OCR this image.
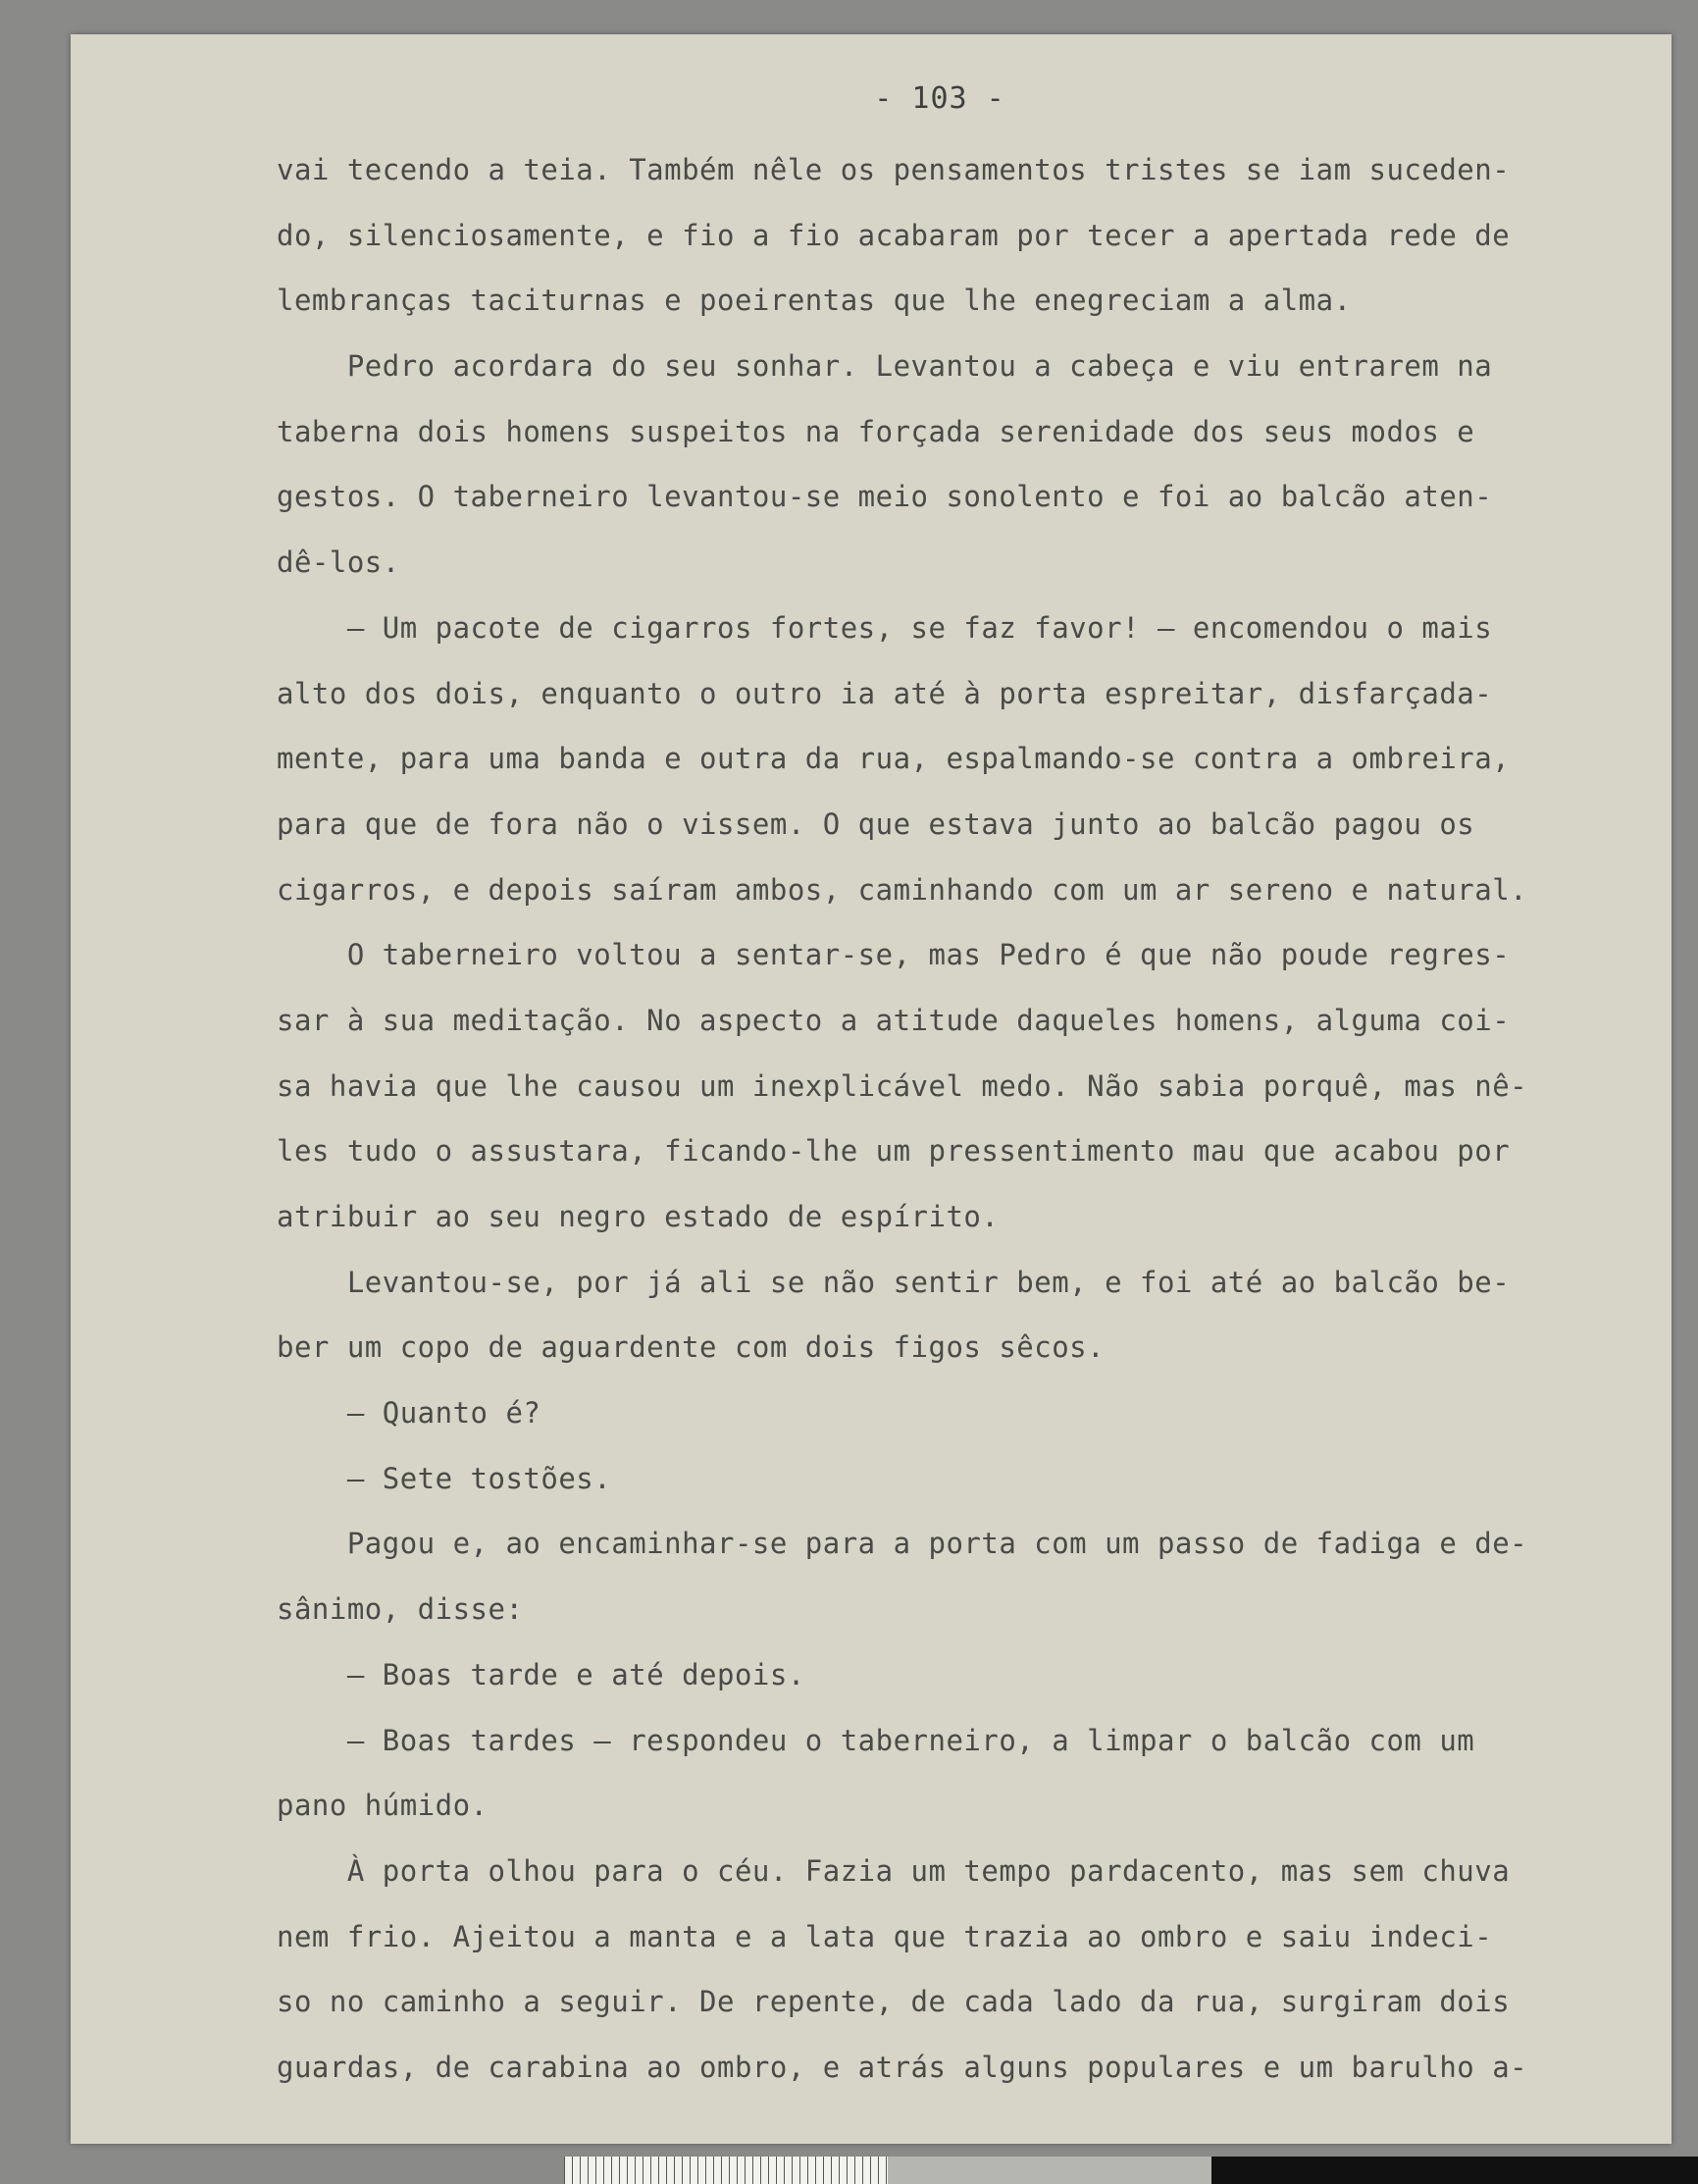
- 103 -
vai tecendo a teia. Também nêle os pensamentos tristes se iam suceden-
do, silenciosamente, e fio a fio acabaram por tecer a apertada rede de
lembranças taciturnas e poeirentas que lhe enegreciam a alma.
Pedro acordara do seu sonhar. Levantou a cabeça e viu entrarem na
taberna dois homens suspeitos na forçada serenidade dos seus modos e
gestos. O taberneiro levantou-se meio sonolento e foi ao balcão aten-
dê-los.
— Um pacote de cigarros fortes, se faz favor! — encomendou o mais
alto dos dois, enquanto o outro ia até à porta espreitar, disfarçada-
mente, para uma banda e outra da rua, espalmando-se contra a ombreira,
para que de fora não o vissem. O que estava junto ao balcão pagou os
cigarros, e depois saíram ambos, caminhando com um ar sereno e natural.
O taberneiro voltou a sentar-se, mas Pedro é que não poude regres-
sar à sua meditação. No aspecto a atitude daqueles homens, alguma coi-
sa havia que lhe causou um inexplicável medo. Não sabia porquê, mas nê-
les tudo o assustara, ficando-lhe um pressentimento mau que acabou por
atribuir ao seu negro estado de espírito.
Levantou-se, por já ali se não sentir bem, e foi até ao balcão be-
ber um copo de aguardente com dois figos sêcos.
— Quanto é?
— Sete tostões.
Pagou e, ao encaminhar-se para a porta com um passo de fadiga e de-
sânimo, disse:
— Boas tarde e até depois.
— Boas tardes — respondeu o taberneiro, a limpar o balcão com um
pano húmido.
À porta olhou para o céu. Fazia um tempo pardacento, mas sem chuva
nem frio. Ajeitou a manta e a lata que trazia ao ombro e saiu indeci-
so no caminho a seguir. De repente, de cada lado da rua, surgiram dois
guardas, de carabina ao ombro, e atrás alguns populares e um barulho a-
